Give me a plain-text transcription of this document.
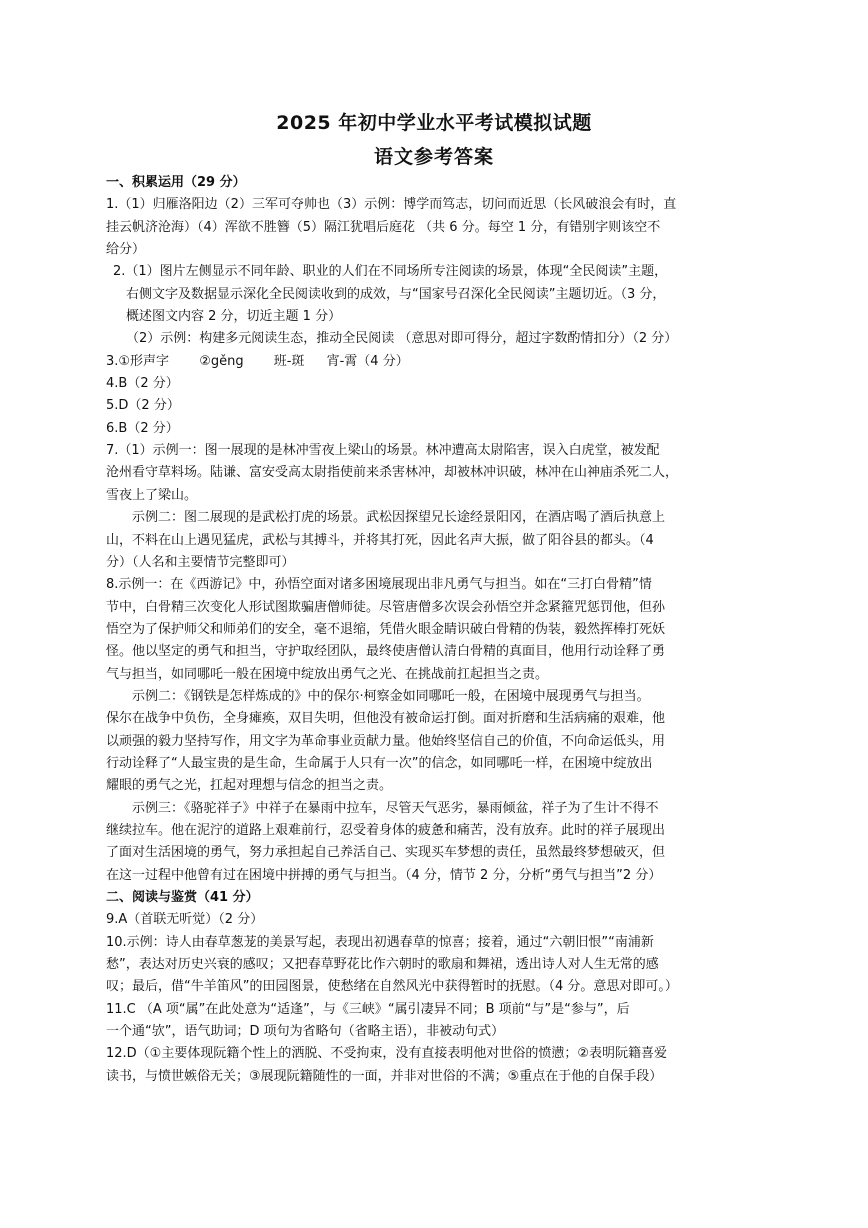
2025 年初中学业水平考试模拟试题
语文参考答案
一、积累运用（29 分）
1.（1）归雁洛阳边（2）三军可夺帅也（3）示例：博学而笃志，切问而近思（长风破浪会有时，直
挂云帆济沧海）（4）浑欲不胜簪（5）隔江犹唱后庭花 （共 6 分。每空 1 分，有错别字则该空不
给分）
2.（1）图片左侧显示不同年龄、职业的人们在不同场所专注阅读的场景，体现“全民阅读”主题，
右侧文字及数据显示深化全民阅读收到的成效，与“国家号召深化全民阅读”主题切近。（3 分，
概述图文内容 2 分，切近主题 1 分）
（2）示例：构建多元阅读生态，推动全民阅读 （意思对即可得分，超过字数酌情扣分）（2 分）
3.①形声字 ②gěng 班-斑 宵-霄（4 分）
4.B（2 分）
5.D（2 分）
6.B（2 分）
7.（1）示例一：图一展现的是林冲雪夜上梁山的场景。林冲遭高太尉陷害，误入白虎堂，被发配
沧州看守草料场。陆谦、富安受高太尉指使前来杀害林冲，却被林冲识破，林冲在山神庙杀死二人，
雪夜上了梁山。
示例二：图二展现的是武松打虎的场景。武松因探望兄长途经景阳冈，在酒店喝了酒后执意上
山，不料在山上遇见猛虎，武松与其搏斗，并将其打死，因此名声大振，做了阳谷县的都头。（4
分）（人名和主要情节完整即可）
8.示例一：在《西游记》中，孙悟空面对诸多困境展现出非凡勇气与担当。如在“三打白骨精”情
节中，白骨精三次变化人形试图欺骗唐僧师徒。尽管唐僧多次误会孙悟空并念紧箍咒惩罚他，但孙
悟空为了保护师父和师弟们的安全，毫不退缩，凭借火眼金睛识破白骨精的伪装，毅然挥棒打死妖
怪。他以坚定的勇气和担当，守护取经团队，最终使唐僧认清白骨精的真面目，他用行动诠释了勇
气与担当，如同哪吒一般在困境中绽放出勇气之光、在挑战前扛起担当之责。
示例二：《钢铁是怎样炼成的》中的保尔·柯察金如同哪吒一般，在困境中展现勇气与担当。
保尔在战争中负伤，全身瘫痪，双目失明，但他没有被命运打倒。面对折磨和生活病痛的艰难，他
以顽强的毅力坚持写作，用文字为革命事业贡献力量。他始终坚信自己的价值，不向命运低头，用
行动诠释了“人最宝贵的是生命，生命属于人只有一次”的信念，如同哪吒一样，在困境中绽放出
耀眼的勇气之光，扛起对理想与信念的担当之责。
示例三：《骆驼祥子》中祥子在暴雨中拉车，尽管天气恶劣，暴雨倾盆，祥子为了生计不得不
继续拉车。他在泥泞的道路上艰难前行，忍受着身体的疲惫和痛苦，没有放弃。此时的祥子展现出
了面对生活困境的勇气，努力承担起自己养活自己、实现买车梦想的责任，虽然最终梦想破灭，但
在这一过程中他曾有过在困境中拼搏的勇气与担当。（4 分，情节 2 分，分析“勇气与担当”2 分）
二、阅读与鉴赏（41 分）
9.A（首联无听觉）（2 分）
10.示例：诗人由春草葱茏的美景写起，表现出初遇春草的惊喜；接着，通过“六朝旧恨”“南浦新
愁”，表达对历史兴衰的感叹；又把春草野花比作六朝时的歌扇和舞裙，透出诗人对人生无常的感
叹；最后，借“牛羊笛风”的田园图景，使愁绪在自然风光中获得暂时的抚慰。（4 分。意思对即可。）
11.C （A 项“属”在此处意为“适逢”，与《三峡》“属引凄异不同；B 项前“与”是“参与”，后
一个通“欤”，语气助词；D 项句为省略句（省略主语），非被动句式）
12.D（①主要体现阮籍个性上的洒脱、不受拘束，没有直接表明他对世俗的愤懑；②表明阮籍喜爱
读书，与愤世嫉俗无关；③展现阮籍随性的一面，并非对世俗的不满；⑤重点在于他的自保手段）
